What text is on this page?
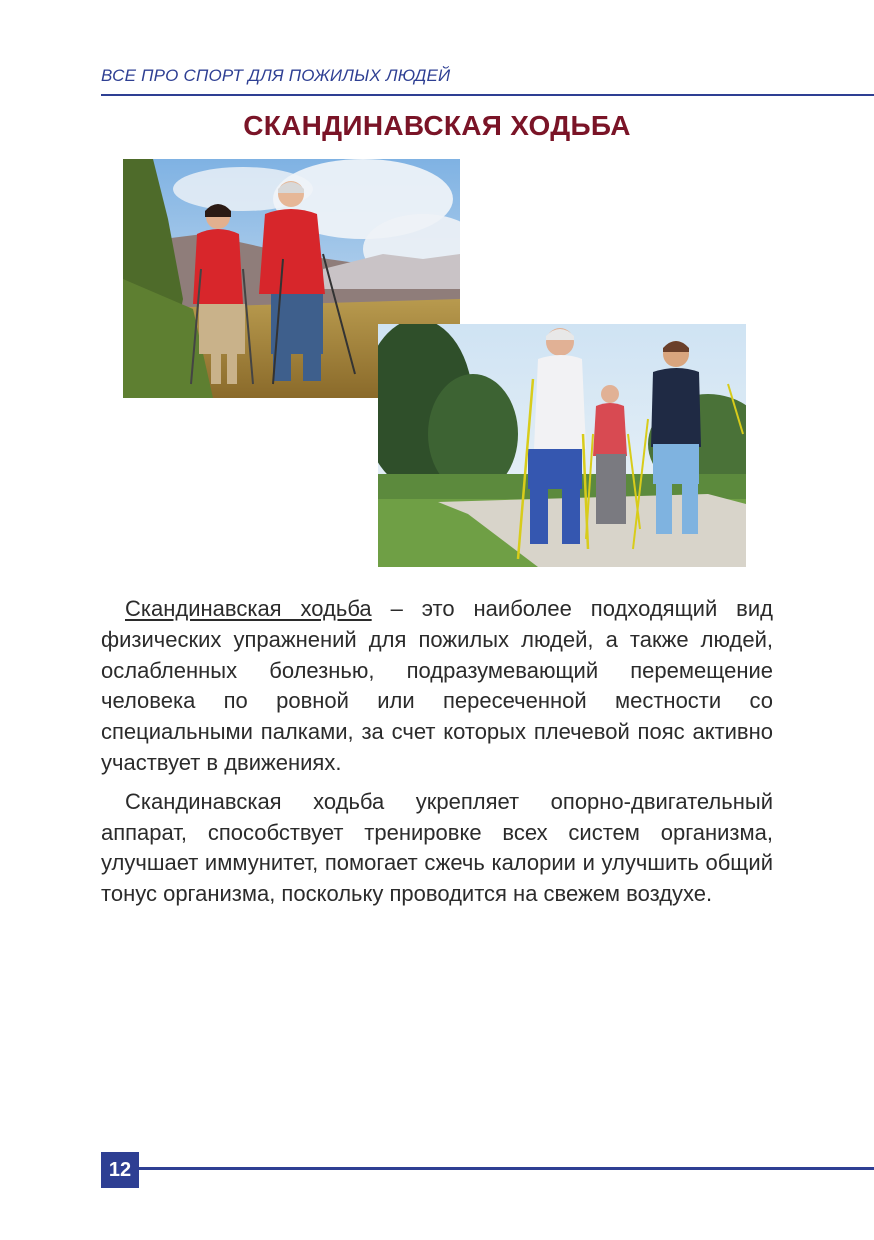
ВСЕ ПРО СПОРТ ДЛЯ ПОЖИЛЫХ ЛЮДЕЙ
СКАНДИНАВСКАЯ ХОДЬБА

Скандинавская ходьба – это наиболее подходящий вид физических упражнений для пожилых людей, а также людей, ослабленных болезнью, подразумевающий перемещение человека по ровной или пересеченной местности со специальными палками, за счет которых плечевой пояс активно участвует в движениях.

Скандинавская ходьба укрепляет опорно-двигательный аппарат, способствует тренировке всех систем организма, улучшает иммунитет, помогает сжечь калории и улучшить общий тонус организма, поскольку проводится на свежем воздухе.

12
